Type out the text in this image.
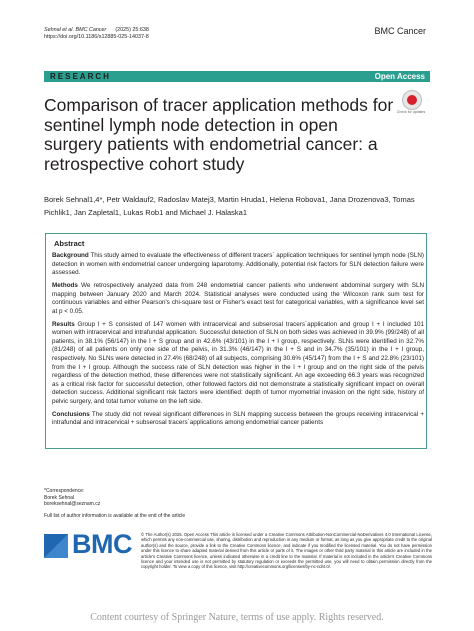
Sehnal et al. BMC Cancer (2025) 25:638
https://doi.org/10.1186/s12885-025-14037-8
BMC Cancer
RESEARCH	Open Access
Comparison of tracer application methods for sentinel lymph node detection in open surgery patients with endometrial cancer: a retrospective cohort study
Check for updates
Borek Sehnal1,4*, Petr Waldauf2, Radoslav Matej3, Martin Hruda1, Helena Robova1, Jana Drozenova3, Tomas Pichlik1, Jan Zapletal1, Lukas Rob1 and Michael J. Halaska1
Abstract

Background This study aimed to evaluate the effectiveness of different tracers´ application techniques for sentinel lymph node (SLN) detection in women with endometrial cancer undergoing laparotomy. Additionally, potential risk factors for SLN detection failure were assessed.

Methods We retrospectively analyzed data from 248 endometrial cancer patients who underwent abdominal surgery with SLN mapping between January 2020 and March 2024. Statistical analyses were conducted using the Wilcoxon rank sum test for continuous variables and either Pearson's chi-square test or Fisher's exact test for categorical variables, with a significance level set at p < 0.05.

Results Group I + S consisted of 147 women with intracervical and subserosal tracers´application and group I + I included 101 women with intracervical and intrafundal application. Successful detection of SLN on both sides was achieved in 39.9% (99/248) of all patients, in 38.1% (56/147) in the I + S group and in 42.6% (43/101) in the I + I group, respectively. SLNs were identified in 32.7% (81/248) of all patients on only one side of the pelvis, in 31.3% (46/147) in the I + S and in 34.7% (35/101) in the I + I group, respectively. No SLNs were detected in 27.4% (68/248) of all subjects, comprising 30.6% (45/147) from the I + S and 22.8% (23/101) from the I + I group. Although the success rate of SLN detection was higher in the I + I group and on the right side of the pelvis regardless of the detection method, these differences were not statistically significant. An age exceeding 66.3 years was recognized as a critical risk factor for successful detection, other followed factors did not demonstrate a statistically significant impact on overall detection success. Additional significant risk factors were identified: depth of tumor myometrial invasion on the right side, history of pelvic surgery, and total tumor volume on the left side.

Conclusions The study did not reveal significant differences in SLN mapping success between the groups receiving intracervical + intrafundal and intracervical + subserosal tracers´applications among endometrial cancer patients

*Correspondence:
Borek Sehnal
boreksehnal@seznam.cz
Full list of author information is available at the end of the article
BMC © The Author(s) 2025. Open Access This article is licensed under a Creative Commons Attribution-NonCommercial-NoDerivatives 4.0 International License, which permits any non-commercial use, sharing, distribution and reproduction in any medium or format, as long as you give appropriate credit to the original author(s) and the source, provide a link to the Creative Commons licence, and indicate if you modified the licensed material. You do not have permission under this licence to share adapted material derived from this article or parts of it. The images or other third party material in this article are included in the article's Creative Commons licence, unless indicated otherwise in a credit line to the material. If material is not included in the article's Creative Commons licence and your intended use is not permitted by statutory regulation or exceeds the permitted use, you will need to obtain permission directly from the copyright holder. To view a copy of this licence, visit http://creativecommons.org/licenses/by-nc-nd/4.0/.
Content courtesy of Springer Nature, terms of use apply. Rights reserved.
